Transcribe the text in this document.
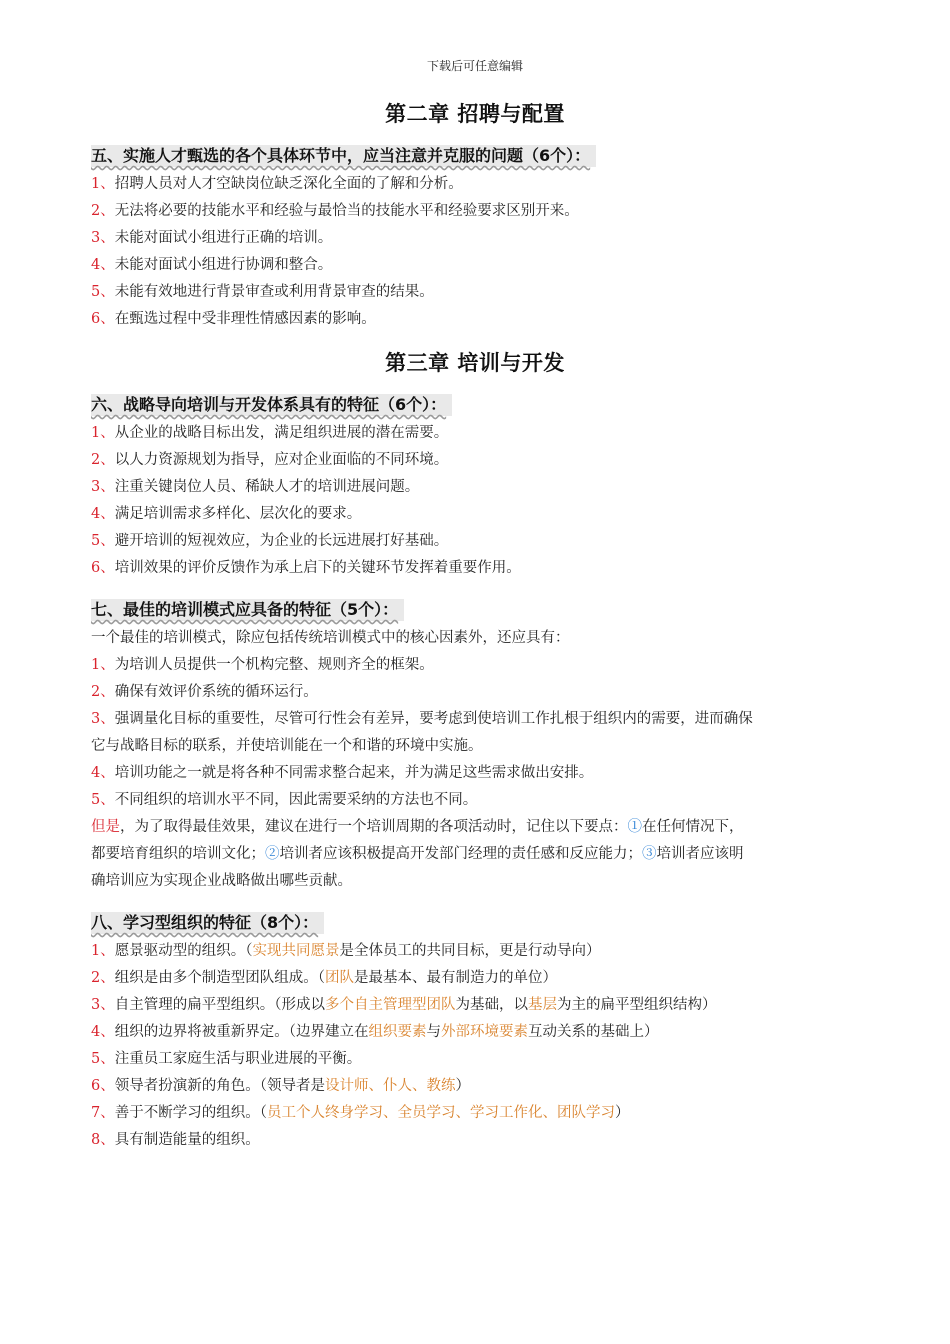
下载后可任意编辑
第二章 招聘与配置
五、实施人才甄选的各个具体环节中，应当注意并克服的问题（6个）：
1、招聘人员对人才空缺岗位缺乏深化全面的了解和分析。
2、无法将必要的技能水平和经验与最恰当的技能水平和经验要求区别开来。
3、未能对面试小组进行正确的培训。
4、未能对面试小组进行协调和整合。
5、未能有效地进行背景审查或利用背景审查的结果。
6、在甄选过程中受非理性情感因素的影响。
第三章 培训与开发
六、战略导向培训与开发体系具有的特征（6个）：
1、从企业的战略目标出发，满足组织进展的潜在需要。
2、以人力资源规划为指导，应对企业面临的不同环境。
3、注重关键岗位人员、稀缺人才的培训进展问题。
4、满足培训需求多样化、层次化的要求。
5、避开培训的短视效应，为企业的长远进展打好基础。
6、培训效果的评价反馈作为承上启下的关键环节发挥着重要作用。
七、最佳的培训模式应具备的特征（5个）：
一个最佳的培训模式，除应包括传统培训模式中的核心因素外，还应具有：
1、为培训人员提供一个机构完整、规则齐全的框架。
2、确保有效评价系统的循环运行。
3、强调量化目标的重要性，尽管可行性会有差异，要考虑到使培训工作扎根于组织内的需要，进而确保
它与战略目标的联系，并使培训能在一个和谐的环境中实施。
4、培训功能之一就是将各种不同需求整合起来，并为满足这些需求做出安排。
5、不同组织的培训水平不同，因此需要采纳的方法也不同。
但是，为了取得最佳效果，建议在进行一个培训周期的各项活动时，记住以下要点：①在任何情况下，
都要培育组织的培训文化；②培训者应该积极提高开发部门经理的责任感和反应能力；③培训者应该明
确培训应为实现企业战略做出哪些贡献。
八、学习型组织的特征（8个）：
1、愿景驱动型的组织。（实现共同愿景是全体员工的共同目标，更是行动导向）
2、组织是由多个制造型团队组成。（团队是最基本、最有制造力的单位）
3、自主管理的扁平型组织。（形成以多个自主管理型团队为基础，以基层为主的扁平型组织结构）
4、组织的边界将被重新界定。（边界建立在组织要素与外部环境要素互动关系的基础上）
5、注重员工家庭生活与职业进展的平衡。
6、领导者扮演新的角色。（领导者是设计师、仆人、教练）
7、善于不断学习的组织。（员工个人终身学习、全员学习、学习工作化、团队学习）
8、具有制造能量的组织。
